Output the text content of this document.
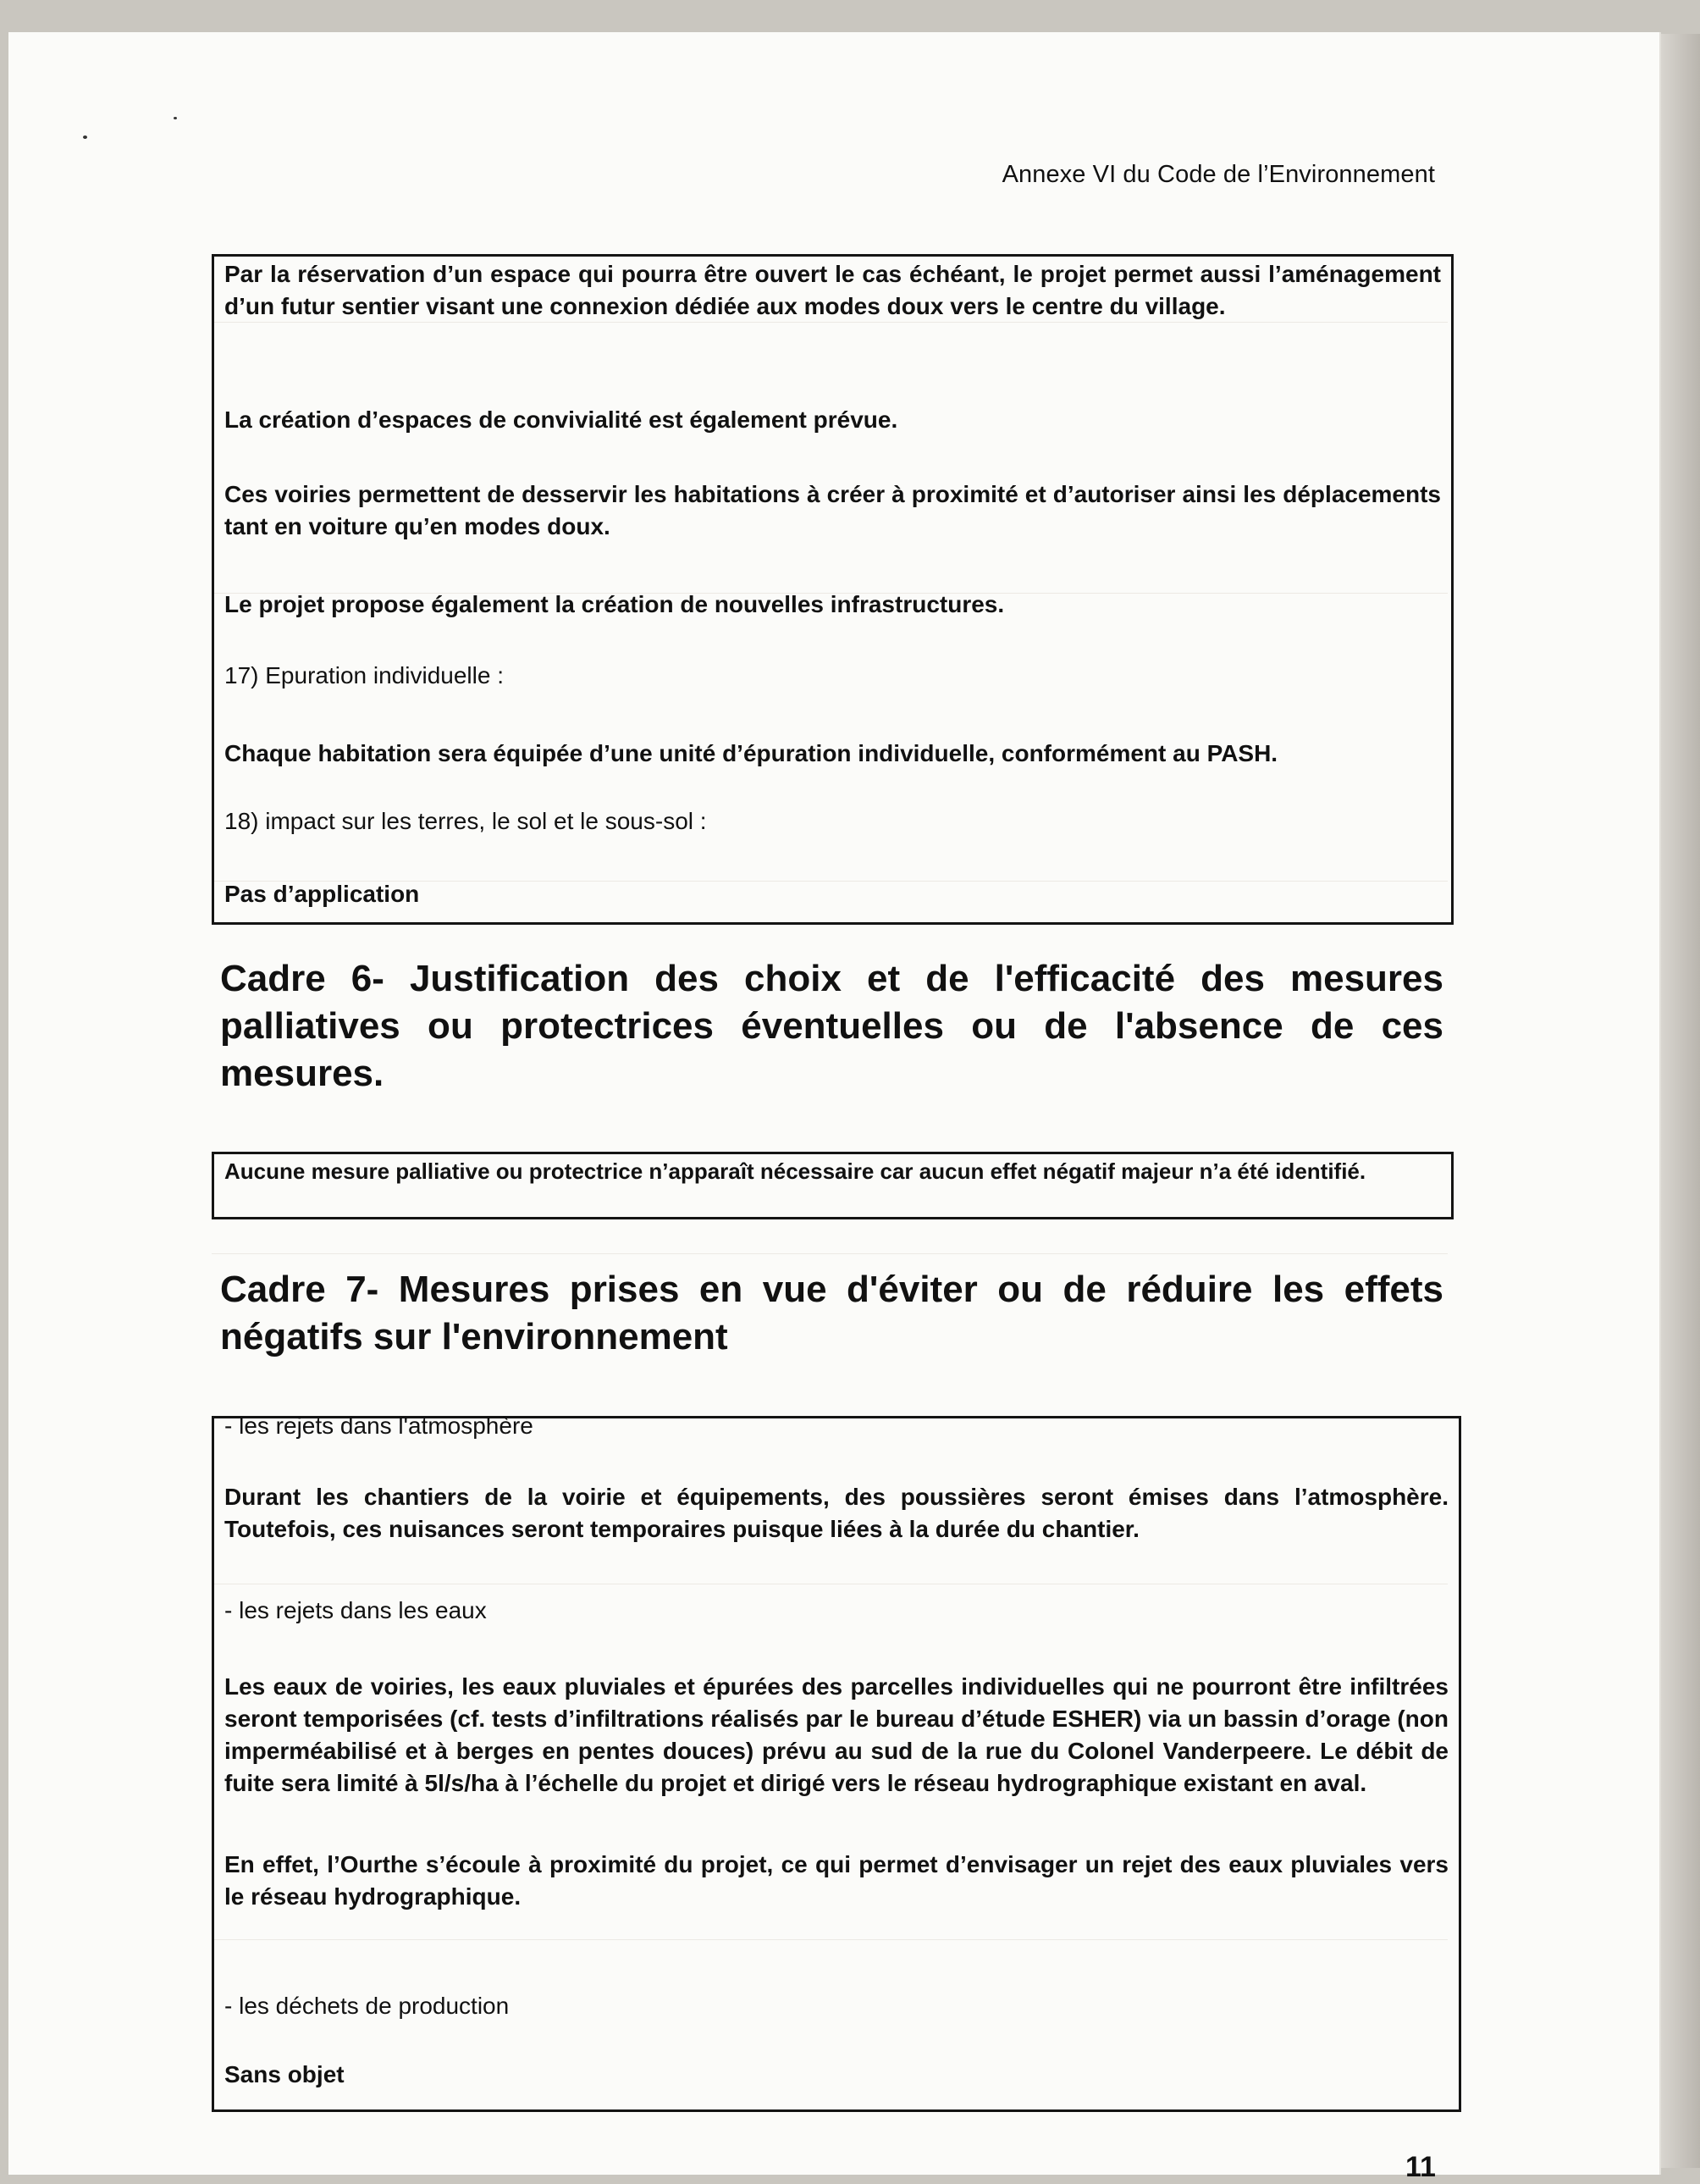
Annexe VI du Code de l’Environnement

Par la réservation d’un espace qui pourra être ouvert le cas échéant, le projet permet aussi l’aménagement d’un futur sentier visant une connexion dédiée aux modes doux vers le centre du village.

La création d’espaces de convivialité est également prévue.

Ces voiries permettent de desservir les habitations à créer à proximité et d’autoriser ainsi les déplacements tant en voiture qu’en modes doux.

Le projet propose également la création de nouvelles infrastructures.

17) Epuration individuelle :

Chaque habitation sera équipée d’une unité d’épuration individuelle, conformément au PASH.

18) impact sur les terres, le sol et le sous-sol :

Pas d’application

Cadre 6- Justification des choix et de l'efficacité des mesures palliatives ou protectrices éventuelles ou de l'absence de ces mesures.

Aucune mesure palliative ou protectrice n’apparaît nécessaire car aucun effet négatif majeur n’a été identifié.

Cadre 7- Mesures prises en vue d'éviter ou de réduire les effets négatifs sur l'environnement

- les rejets dans l'atmosphère

Durant les chantiers de la voirie et équipements, des poussières seront émises dans l’atmosphère. Toutefois, ces nuisances seront temporaires puisque liées à la durée du chantier.

- les rejets dans les eaux

Les eaux de voiries, les eaux pluviales et épurées des parcelles individuelles qui ne pourront être infiltrées seront temporisées (cf. tests d’infiltrations réalisés par le bureau d’étude ESHER) via un bassin d’orage (non imperméabilisé et à berges en pentes douces) prévu au sud de la rue du Colonel Vanderpeere. Le débit de fuite sera limité à 5l/s/ha à l’échelle du projet et dirigé vers le réseau hydrographique existant en aval.

En effet, l’Ourthe s’écoule à proximité du projet, ce qui permet d’envisager un rejet des eaux pluviales vers le réseau hydrographique.

- les déchets de production

Sans objet

11
